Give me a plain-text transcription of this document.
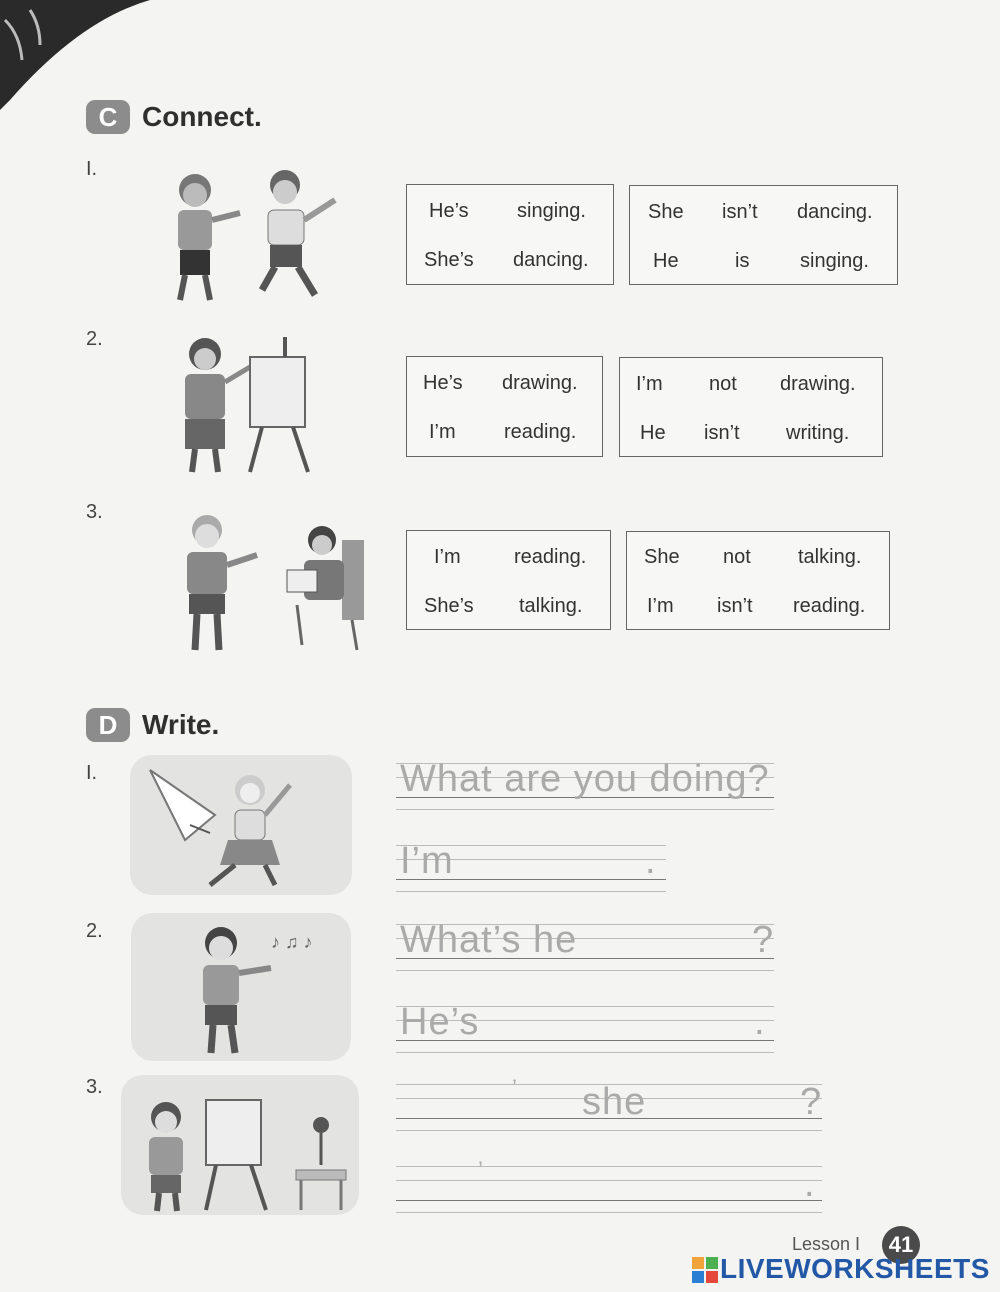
C Connect.
I.
He’s singing.
She’s dancing.
She isn’t dancing.
He	is	singing.
2.
He’s drawing.
I’m reading.
I’m not drawing.
He isn’t writing.
3.
I’m	reading.
She’s talking.
She not talking.
I’m isn’t reading.
D Write.
I.	What are you doing?
I’m	.
2.	♪ ♫ ♪ What’s he	?
He’s	.
3.	’ she	?
’	.
Lesson I	41
LIVEWORKSHEETS
